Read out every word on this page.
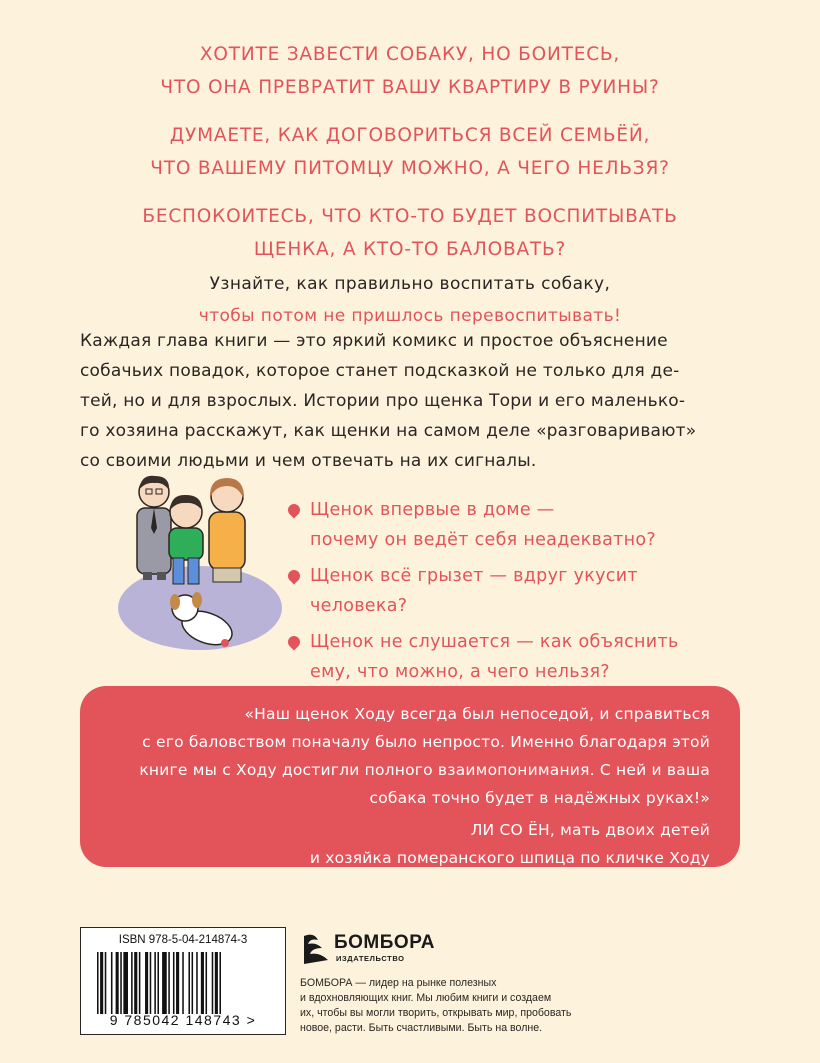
ХОТИТЕ ЗАВЕСТИ СОБАКУ, НО БОИТЕСЬ,
ЧТО ОНА ПРЕВРАТИТ ВАШУ КВАРТИРУ В РУИНЫ?
ДУМАЕТЕ, КАК ДОГОВОРИТЬСЯ ВСЕЙ СЕМЬЁЙ,
ЧТО ВАШЕМУ ПИТОМЦУ МОЖНО, А ЧЕГО НЕЛЬЗЯ?
БЕСПОКОИТЕСЬ, ЧТО КТО-ТО БУДЕТ ВОСПИТЫВАТЬ
ЩЕНКА, А КТО-ТО БАЛОВАТЬ?
Узнайте, как правильно воспитать собаку,
чтобы потом не пришлось перевоспитывать!
Каждая глава книги — это яркий комикс и простое объяснение
собачьих повадок, которое станет подсказкой не только для де-
тей, но и для взрослых. Истории про щенка Тори и его маленько-
го хозяина расскажут, как щенки на самом деле «разговаривают»
со своими людьми и чем отвечать на их сигналы.
Щенок впервые в доме —
почему он ведёт себя неадекватно?
Щенок всё грызет — вдруг укусит
человека?
Щенок не слушается — как объяснить
ему, что можно, а чего нельзя?
«Наш щенок Ходу всегда был непоседой, и справиться
с его баловством поначалу было непросто. Именно благодаря этой
книге мы с Ходу достигли полного взаимопонимания. С ней и ваша
собака точно будет в надёжных руках!»
ЛИ СО ЁН, мать двоих детей
и хозяйка померанского шпица по кличке Ходу
ISBN 978-5-04-214874-3
9 785042 148743 >
БОМБОРА
ИЗДАТЕЛЬСТВО
БОМБОРА — лидер на рынке полезных
и вдохновляющих книг. Мы любим книги и создаем
их, чтобы вы могли творить, открывать мир, пробовать
новое, расти. Быть счастливыми. Быть на волне.
